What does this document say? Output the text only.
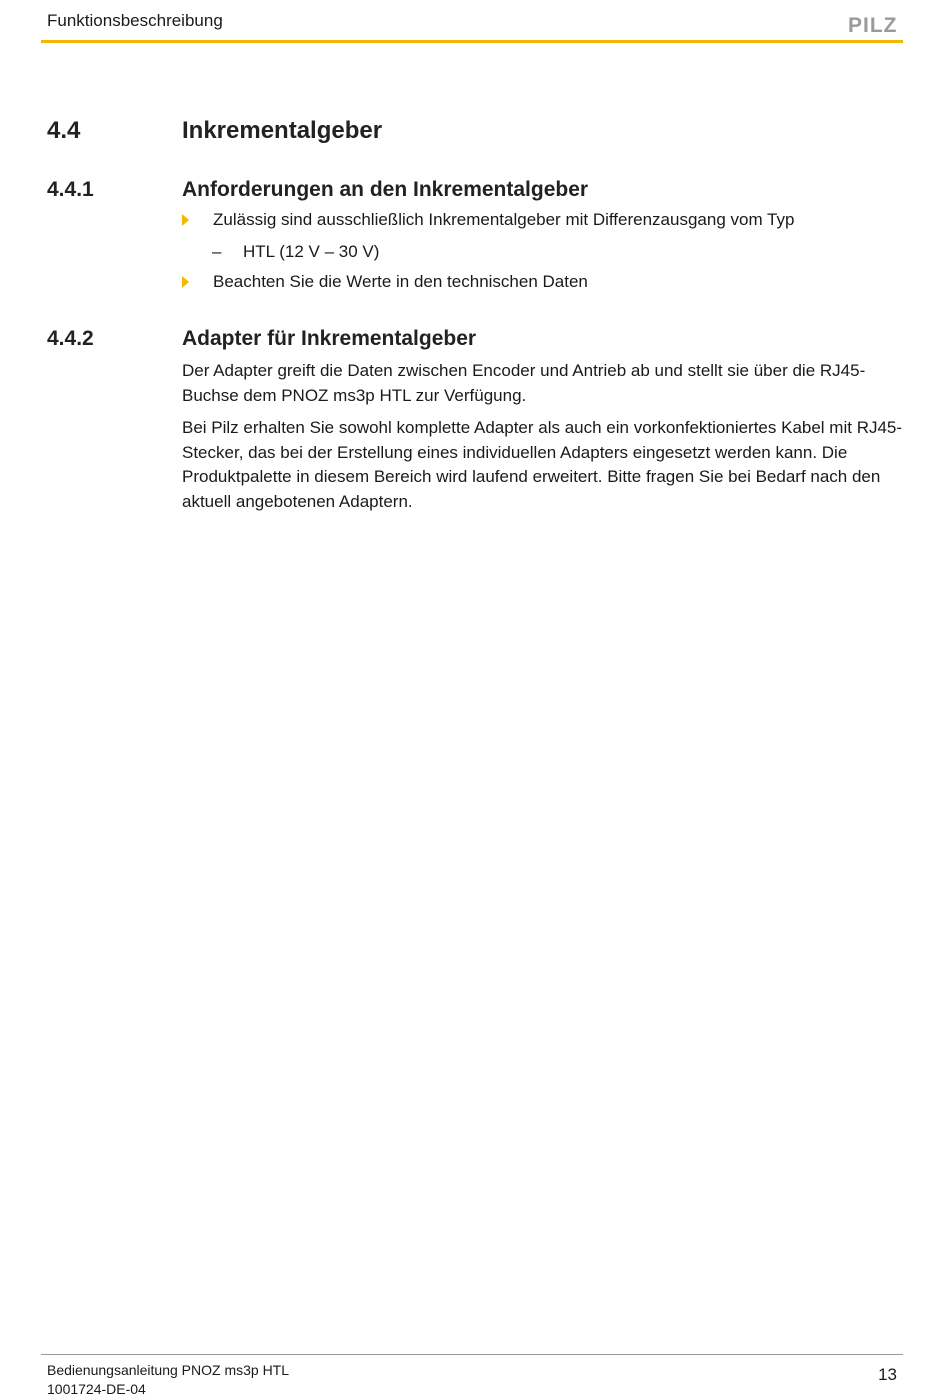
Funktionsbeschreibung	PILZ
4.4	Inkrementalgeber
4.4.1	Anforderungen an den Inkrementalgeber
Zulässig sind ausschließlich Inkrementalgeber mit Differenzausgang vom Typ
– HTL (12 V – 30 V)
Beachten Sie die Werte in den technischen Daten
4.4.2	Adapter für Inkrementalgeber

Der Adapter greift die Daten zwischen Encoder und Antrieb ab und stellt sie über die RJ45-Buchse dem PNOZ ms3p HTL zur Verfügung.

Bei Pilz erhalten Sie sowohl komplette Adapter als auch ein vorkonfektioniertes Kabel mit RJ45-Stecker, das bei der Erstellung eines individuellen Adapters eingesetzt werden kann. Die Produktpalette in diesem Bereich wird laufend erweitert. Bitte fragen Sie bei Bedarf nach den aktuell angebotenen Adaptern.

Bedienungsanleitung PNOZ ms3p HTL
1001724-DE-04
13
